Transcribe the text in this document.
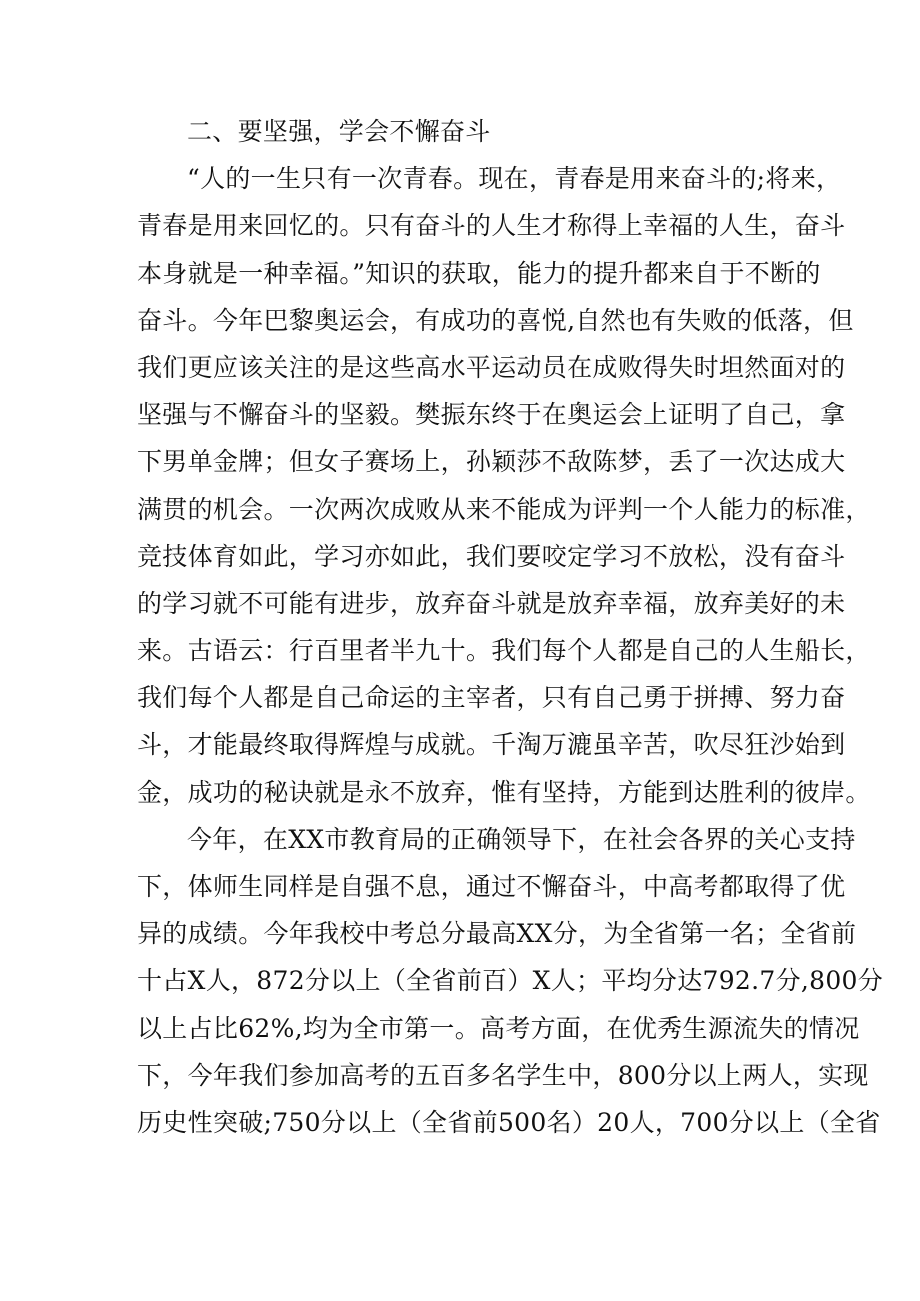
二、要坚强，学会不懈奋斗
“人的一生只有一次青春。现在，青春是用来奋斗的;将来，
青春是用来回忆的。只有奋斗的人生才称得上幸福的人生，奋斗
本身就是一种幸福。”知识的获取，能力的提升都来自于不断的
奋斗。今年巴黎奥运会，有成功的喜悦,自然也有失败的低落，但
我们更应该关注的是这些高水平运动员在成败得失时坦然面对的
坚强与不懈奋斗的坚毅。樊振东终于在奥运会上证明了自己，拿
下男单金牌；但女子赛场上，孙颖莎不敌陈梦，丢了一次达成大
满贯的机会。一次两次成败从来不能成为评判一个人能力的标准，
竞技体育如此，学习亦如此，我们要咬定学习不放松，没有奋斗
的学习就不可能有进步，放弃奋斗就是放弃幸福，放弃美好的未
来。古语云：行百里者半九十。我们每个人都是自己的人生船长，
我们每个人都是自己命运的主宰者，只有自己勇于拼搏、努力奋
斗，才能最终取得辉煌与成就。千淘万漉虽辛苦，吹尽狂沙始到
金，成功的秘诀就是永不放弃，惟有坚持，方能到达胜利的彼岸。
今年，在XX市教育局的正确领导下，在社会各界的关心支持
下，体师生同样是自强不息，通过不懈奋斗，中高考都取得了优
异的成绩。今年我校中考总分最高XX分，为全省第一名；全省前
十占X人，872分以上（全省前百）X人；平均分达792.7分,800分
以上占比62%,均为全市第一。高考方面，在优秀生源流失的情况
下，今年我们参加高考的五百多名学生中，800分以上两人，实现
历史性突破;750分以上（全省前500名）20人，700分以上（全省
